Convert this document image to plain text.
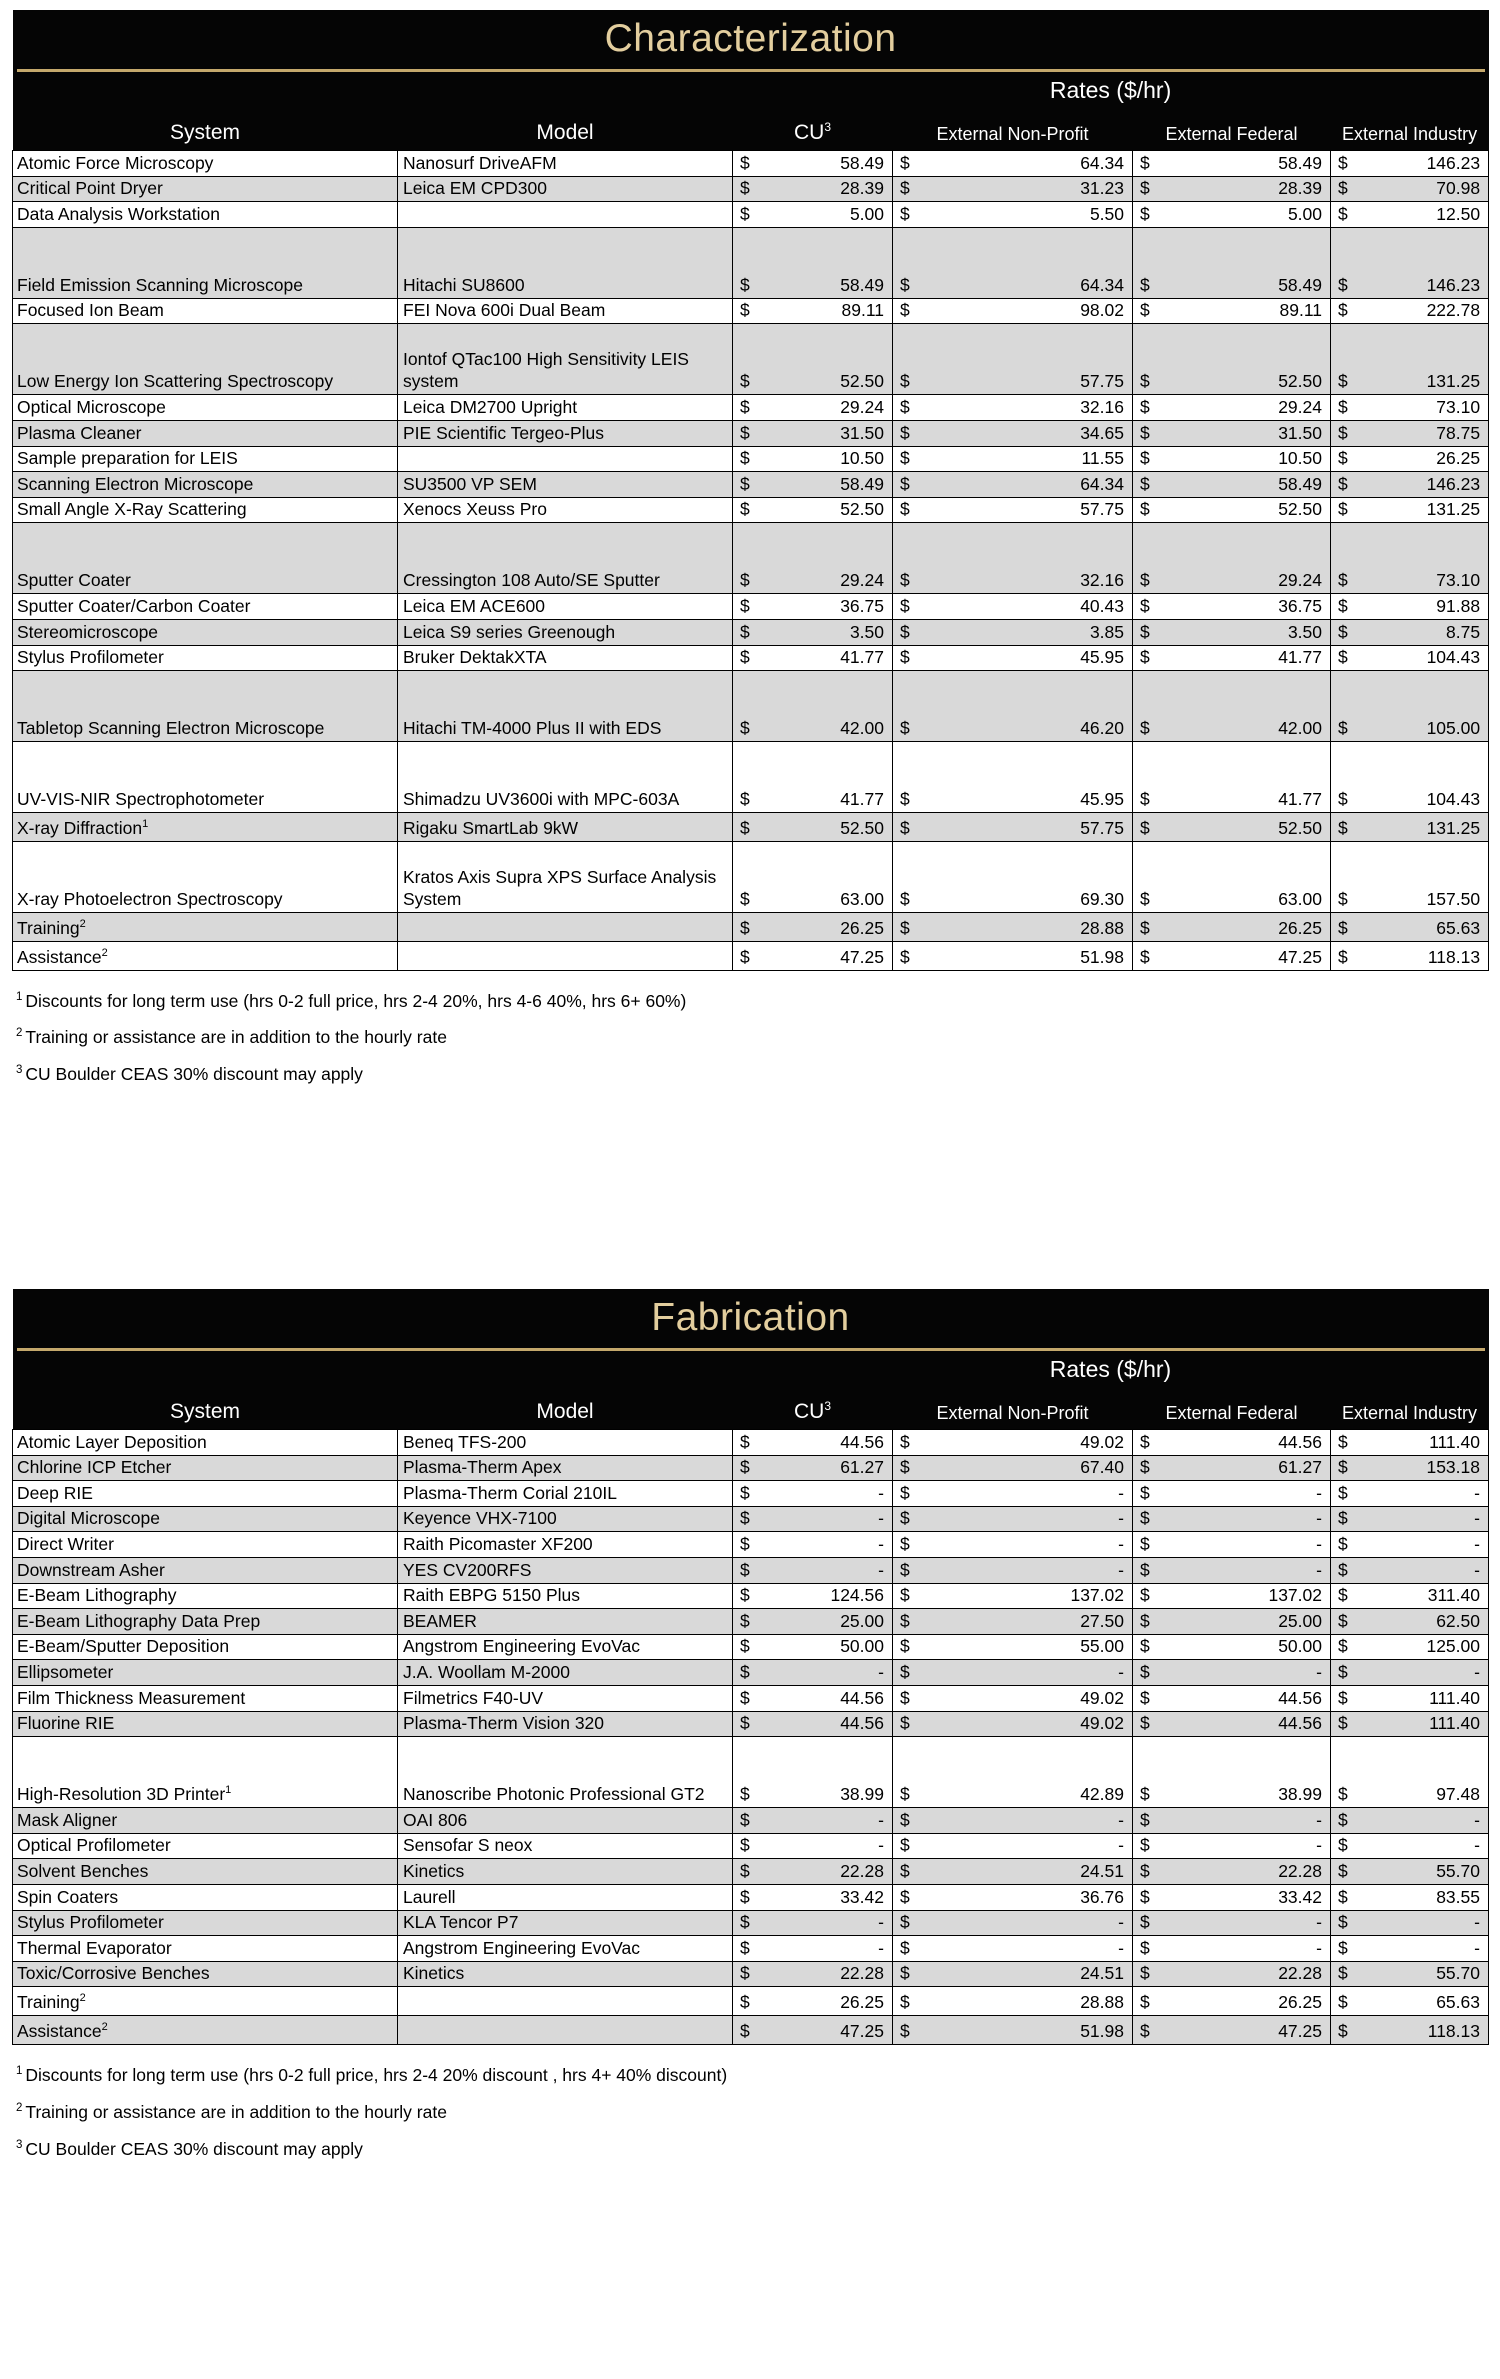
Characterization									

		Rates ($/hr)							
System	Model	$CU^3$		External Non-Profit		External Federal		External Industry	
Atomic Force Microscopy	Nanosurf DriveAFM	$	58.49	$	64.34	$	58.49	$	146.23
Critical Point Dryer	Leica EM CPD300	$	28.39	$	31.23	$	28.39	$	70.98
Data Analysis Workstation		$	5.00	$	5.50	$	5.00	$	12.50
Field Emission Scanning Microscope	Hitachi SU8600	$	58.49	$	64.34	$	58.49	$	146.23
Focused Ion Beam	FEI Nova 600i Dual Beam	$	89.11	$	98.02	$	89.11	$	222.78
Low Energy Ion Scattering Spectroscopy	Iontof QTac100 High Sensitivity LEIS system	$	52.50	$	57.75	$	52.50	$	131.25
Optical Microscope	Leica DM2700 Upright	$	29.24	$	32.16	$	29.24	$	73.10
Plasma Cleaner	PIE Scientific Tergeo-Plus	$	31.50	$	34.65	$	31.50	$	78.75
Sample preparation for LEIS		$	10.50	$	11.55	$	10.50	$	26.25
Scanning Electron Microscope	SU3500 VP SEM	$	58.49	$	64.34	$	58.49	$	146.23
Small Angle X-Ray Scattering	Xenocs Xeuss Pro	$	52.50	$	57.75	$	52.50	$	131.25
Sputter Coater	Cressington 108 Auto/SE Sputter	$	29.24	$	32.16	$	29.24	$	73.10
Sputter Coater/Carbon Coater	Leica EM ACE600	$	36.75	$	40.43	$	36.75	$	91.88
Stereomicroscope	Leica S9 series Greenough	$	3.50	$	3.85	$	3.50	$	8.75
Stylus Profilometer	Bruker DektakXTA	$	41.77	$	45.95	$	41.77	$	104.43
Tabletop Scanning Electron Microscope	Hitachi TM-4000 Plus II with EDS	$	42.00	$	46.20	$	42.00	$	105.00
UV-VIS-NIR Spectrophotometer	Shimadzu UV3600i with MPC-603A	$	41.77	$	45.95	$	41.77	$	104.43
X-ray Diffraction$^1$	Rigaku SmartLab 9kW	$	52.50	$	57.75	$	52.50	$	131.25
X-ray Photoelectron Spectroscopy	Kratos Axis Supra XPS Surface Analysis System	$	63.00	$	69.30	$	63.00	$	157.50
Training$^2$		$	26.25	$	28.88	$	26.25	$	65.63
Assistance$^2$		$	47.25	$	51.98	$	47.25	$	118.13
$^1$ Discounts for long term use (hrs 0-2 full price, hrs 2-4 20%, hrs 4-6 40%, hrs 6+ 60%)
$^2$ Training or assistance are in addition to the hourly rate
$^3$ CU Boulder CEAS 30% discount may apply
Fabrication									

		Rates ($/hr)							
System	Model	$CU^3$		External Non-Profit		External Federal		External Industry	
Atomic Layer Deposition	Beneq TFS-200	$	44.56	$	49.02	$	44.56	$	111.40
Chlorine ICP Etcher	Plasma-Therm Apex	$	61.27	$	67.40	$	61.27	$	153.18
Deep RIE	Plasma-Therm Corial 210IL	$	-	$	-	$	-	$	-
Digital Microscope	Keyence VHX-7100	$	-	$	-	$	-	$	-
Direct Writer	Raith Picomaster XF200	$	-	$	-	$	-	$	-
Downstream Asher	YES CV200RFS	$	-	$	-	$	-	$	-
E-Beam Lithography	Raith EBPG 5150 Plus	$	124.56	$	137.02	$	137.02	$	311.40
E-Beam Lithography Data Prep	BEAMER	$	25.00	$	27.50	$	25.00	$	62.50
E-Beam/Sputter Deposition	Angstrom Engineering EvoVac	$	50.00	$	55.00	$	50.00	$	125.00
Ellipsometer	J.A. Woollam M-2000	$	-	$	-	$	-	$	-
Film Thickness Measurement	Filmetrics F40-UV	$	44.56	$	49.02	$	44.56	$	111.40
Fluorine RIE	Plasma-Therm Vision 320	$	44.56	$	49.02	$	44.56	$	111.40
High-Resolution 3D Printer$^1$	Nanoscribe Photonic Professional GT2	$	38.99	$	42.89	$	38.99	$	97.48
Mask Aligner	OAI 806	$	-	$	-	$	-	$	-
Optical Profilometer	Sensofar S neox	$	-	$	-	$	-	$	-
Solvent Benches	Kinetics	$	22.28	$	24.51	$	22.28	$	55.70
Spin Coaters	Laurell	$	33.42	$	36.76	$	33.42	$	83.55
Stylus Profilometer	KLA Tencor P7	$	-	$	-	$	-	$	-
Thermal Evaporator	Angstrom Engineering EvoVac	$	-	$	-	$	-	$	-
Toxic/Corrosive Benches	Kinetics	$	22.28	$	24.51	$	22.28	$	55.70
Training$^2$		$	26.25	$	28.88	$	26.25	$	65.63
Assistance$^2$		$	47.25	$	51.98	$	47.25	$	118.13
$^1$ Discounts for long term use (hrs 0-2 full price, hrs 2-4 20% discount , hrs 4+ 40% discount)
$^2$ Training or assistance are in addition to the hourly rate
$^3$ CU Boulder CEAS 30% discount may apply
